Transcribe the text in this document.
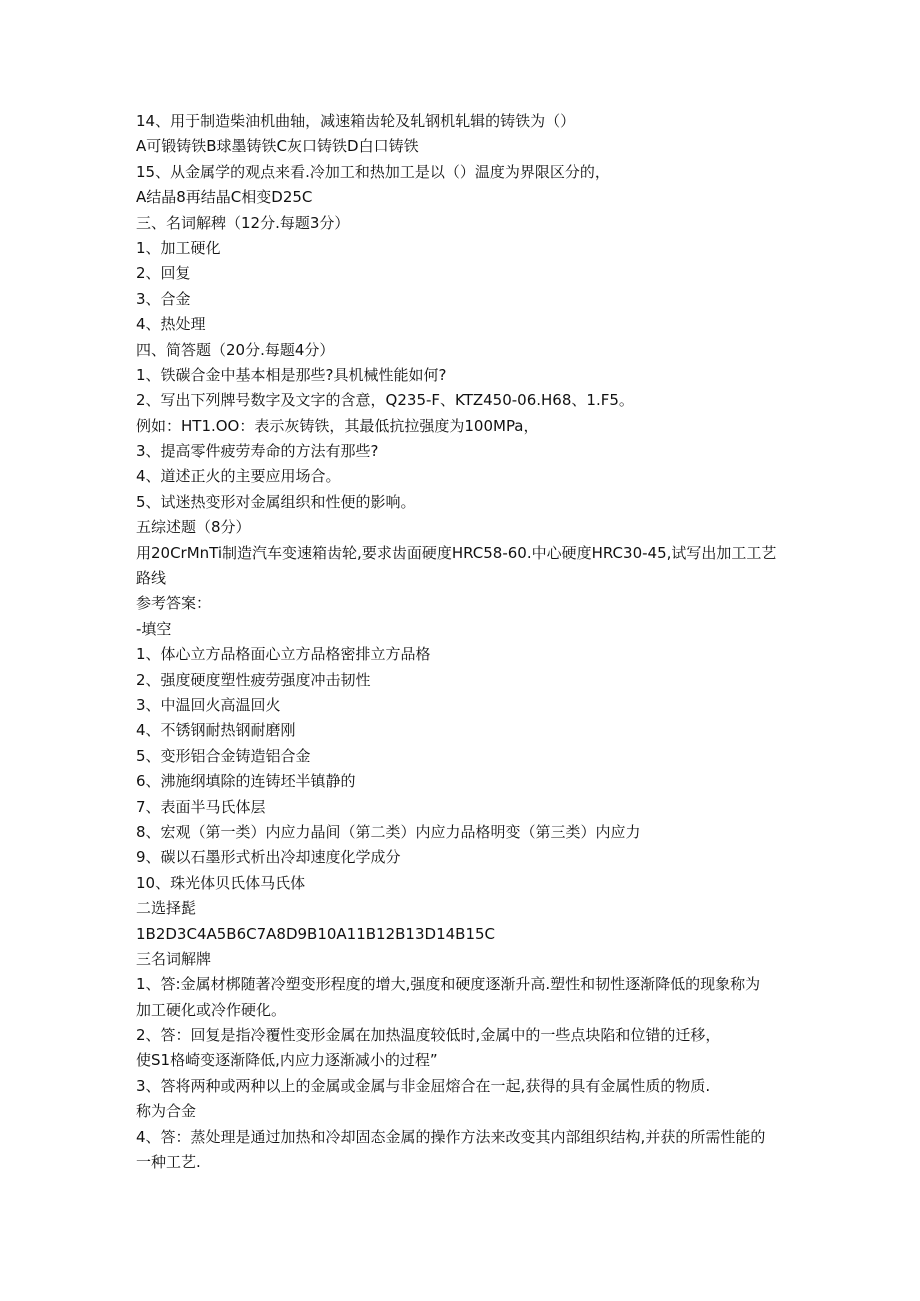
14、用于制造柴油机曲轴，减速箱齿轮及轧钢机轧辑的铸铁为（）
A可锻铸铁B球墨铸铁C灰口铸铁D白口铸铁
15、从金属学的观点来看.冷加工和热加工是以（）温度为界限区分的，
A结晶8再结晶C相变D25C
三、名词解稗（12分.每题3分）
1、加工硬化
2、回复
3、合金
4、热处理
四、简答题（20分.每题4分）
1、铁碳合金中基本相是那些?具机械性能如何?
2、写出下列牌号数字及文字的含意，Q235-F、KTZ450-06.H68、1.F5。
例如：HT1.OO：表示灰铸铁，其最低抗拉强度为100MPa，
3、提高零件疲劳寿命的方法有那些?
4、道述正火的主要应用场合。
5、试迷热变形对金属组织和性便的影响。
五综述题（8分）
用20CrMnTi制造汽车变速箱齿轮,要求齿面硬度HRC58-60.中心硬度HRC30-45,试写出加工工艺
路线
参考答案：
-填空
1、体心立方品格面心立方品格密排立方品格
2、强度硬度塑性疲劳强度冲击韧性
3、中温回火高温回火
4、不锈钢耐热钢耐磨刚
5、变形铝合金铸造铝合金
6、沸施纲填除的连铸坯半镇静的
7、表面半马氏体层
8、宏观（第一类）内应力晶间（第二类）内应力品格明变（第三类）内应力
9、碳以石墨形式析出冷却速度化学成分
10、珠光体贝氏体马氏体
二选择髭
1B2D3C4A5B6C7A8D9B10A11B12B13D14B15C
三名词解牌
1、答:金属材梆随著冷塑变形程度的增大,强度和硬度逐渐升高.塑性和韧性逐渐降低的现象称为
加工硬化或冷作硬化。
2、答：回复是指冷覆性变形金属在加热温度较低时,金属中的一些点块陷和位错的迁移，
使S1格崎变逐渐降低,内应力逐渐减小的过程”
3、答将两种或两种以上的金属或金属与非金屈熔合在一起,获得的具有金属性质的物质.
称为合金
4、答：蒸处理是通过加热和冷却固态金属的操作方法来改变其内部组织结构,并获的所需性能的
一种工艺.
